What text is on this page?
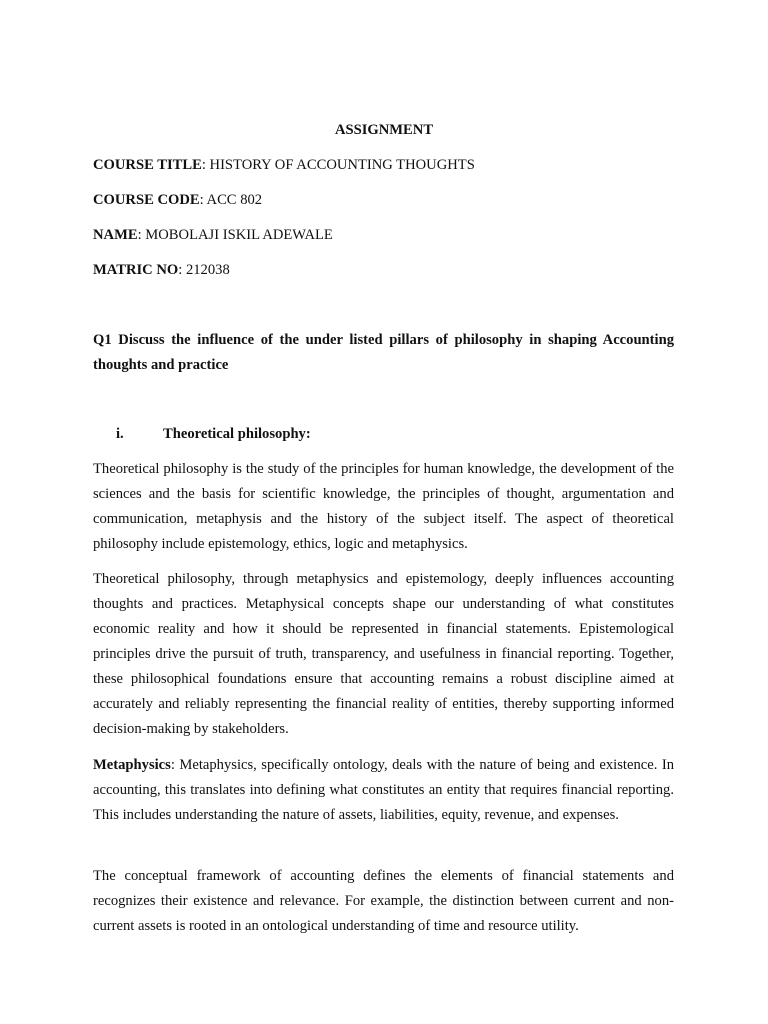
ASSIGNMENT
COURSE TITLE: HISTORY OF ACCOUNTING THOUGHTS
COURSE CODE: ACC 802
NAME: MOBOLAJI ISKIL ADEWALE
MATRIC NO: 212038
Q1 Discuss the influence of the under listed pillars of philosophy in shaping Accounting thoughts and practice
i.	Theoretical philosophy:
Theoretical philosophy is the study of the principles for human knowledge, the development of the sciences and the basis for scientific knowledge, the principles of thought, argumentation and communication, metaphysis and the history of the subject itself. The aspect of theoretical philosophy include epistemology, ethics, logic and metaphysics.
Theoretical philosophy, through metaphysics and epistemology, deeply influences accounting thoughts and practices. Metaphysical concepts shape our understanding of what constitutes economic reality and how it should be represented in financial statements. Epistemological principles drive the pursuit of truth, transparency, and usefulness in financial reporting. Together, these philosophical foundations ensure that accounting remains a robust discipline aimed at accurately and reliably representing the financial reality of entities, thereby supporting informed decision-making by stakeholders.
Metaphysics: Metaphysics, specifically ontology, deals with the nature of being and existence. In accounting, this translates into defining what constitutes an entity that requires financial reporting. This includes understanding the nature of assets, liabilities, equity, revenue, and expenses.
The conceptual framework of accounting defines the elements of financial statements and recognizes their existence and relevance. For example, the distinction between current and non-current assets is rooted in an ontological understanding of time and resource utility.
